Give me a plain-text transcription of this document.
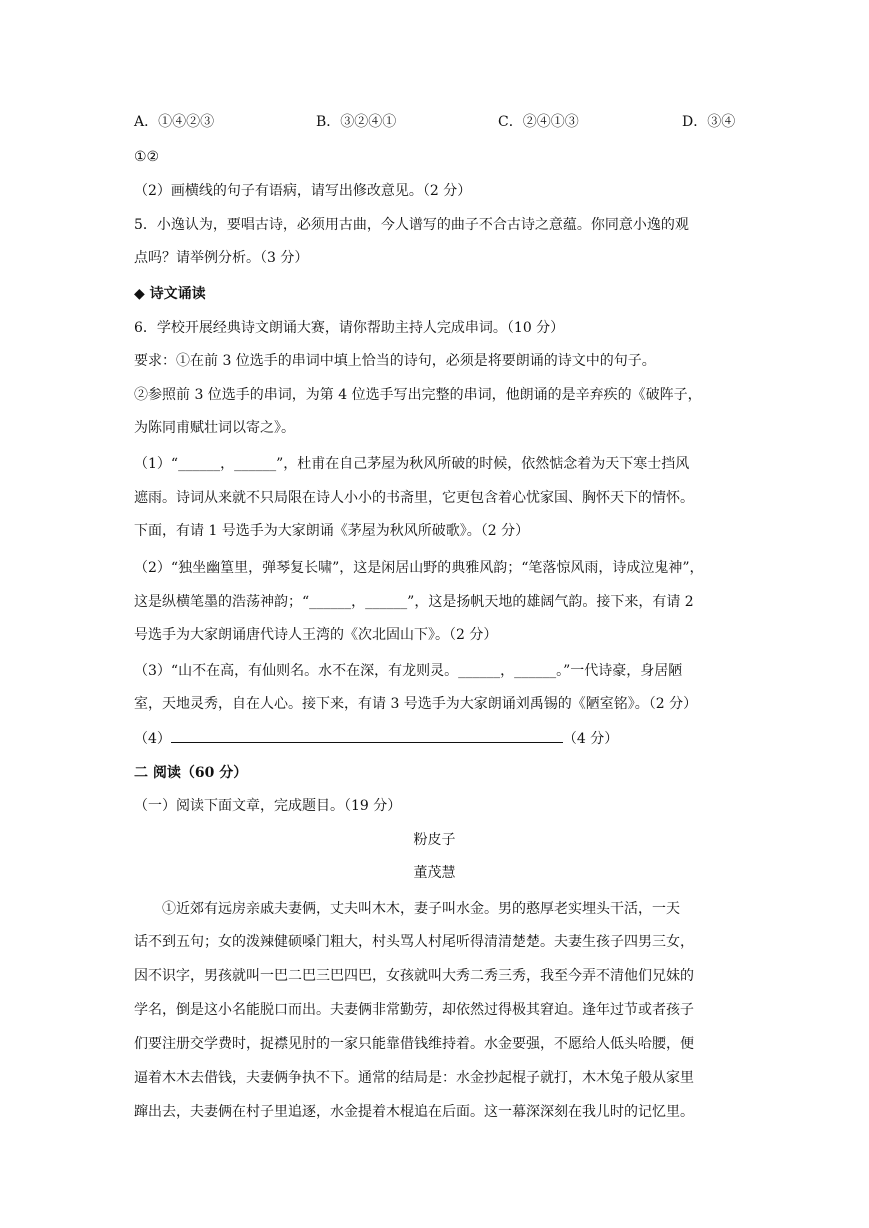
A．①④②③	B．③②④①	C．②④①③	D．③④
①②
（2）画横线的句子有语病，请写出修改意见。（2 分）
5．小逸认为，要唱古诗，必须用古曲，今人谱写的曲子不合古诗之意蕴。你同意小逸的观
点吗？请举例分析。（3 分）
◆ 诗文诵读
6．学校开展经典诗文朗诵大赛，请你帮助主持人完成串词。（10 分）
要求：①在前 3 位选手的串词中填上恰当的诗句，必须是将要朗诵的诗文中的句子。
②参照前 3 位选手的串词，为第 4 位选手写出完整的串词，他朗诵的是辛弃疾的《破阵子，
为陈同甫赋壮词以寄之》。
（1）“______，______”，杜甫在自己茅屋为秋风所破的时候，依然惦念着为天下寒士挡风
遮雨。诗词从来就不只局限在诗人小小的书斋里，它更包含着心忧家国、胸怀天下的情怀。
下面，有请 1 号选手为大家朗诵《茅屋为秋风所破歌》。（2 分）
（2）“独坐幽篁里，弹琴复长啸”，这是闲居山野的典雅风韵；“笔落惊风雨，诗成泣鬼神”，
这是纵横笔墨的浩荡神韵；“______，______”，这是扬帆天地的雄阔气韵。接下来，有请 2
号选手为大家朗诵唐代诗人王湾的《次北固山下》。（2 分）
（3）“山不在高，有仙则名。水不在深，有龙则灵。______，______。”一代诗豪，身居陋
室，天地灵秀，自在人心。接下来，有请 3 号选手为大家朗诵刘禹锡的《陋室铭》。（2 分）
（4）	（4 分）
二 阅读（60 分）
（一）阅读下面文章，完成题目。（19 分）
粉皮子
董茂慧
①近郊有远房亲戚夫妻俩，丈夫叫木木，妻子叫水金。男的憨厚老实埋头干活，一天
话不到五句；女的泼辣健硕嗓门粗大，村头骂人村尾听得清清楚楚。夫妻生孩子四男三女，
因不识字，男孩就叫一巴二巴三巴四巴，女孩就叫大秀二秀三秀，我至今弄不清他们兄妹的
学名，倒是这小名能脱口而出。夫妻俩非常勤劳，却依然过得极其窘迫。逢年过节或者孩子
们要注册交学费时，捉襟见肘的一家只能靠借钱维持着。水金要强，不愿给人低头哈腰，便
逼着木木去借钱，夫妻俩争执不下。通常的结局是：水金抄起棍子就打，木木兔子般从家里
蹿出去，夫妻俩在村子里追逐，水金提着木棍追在后面。这一幕深深刻在我儿时的记忆里。
